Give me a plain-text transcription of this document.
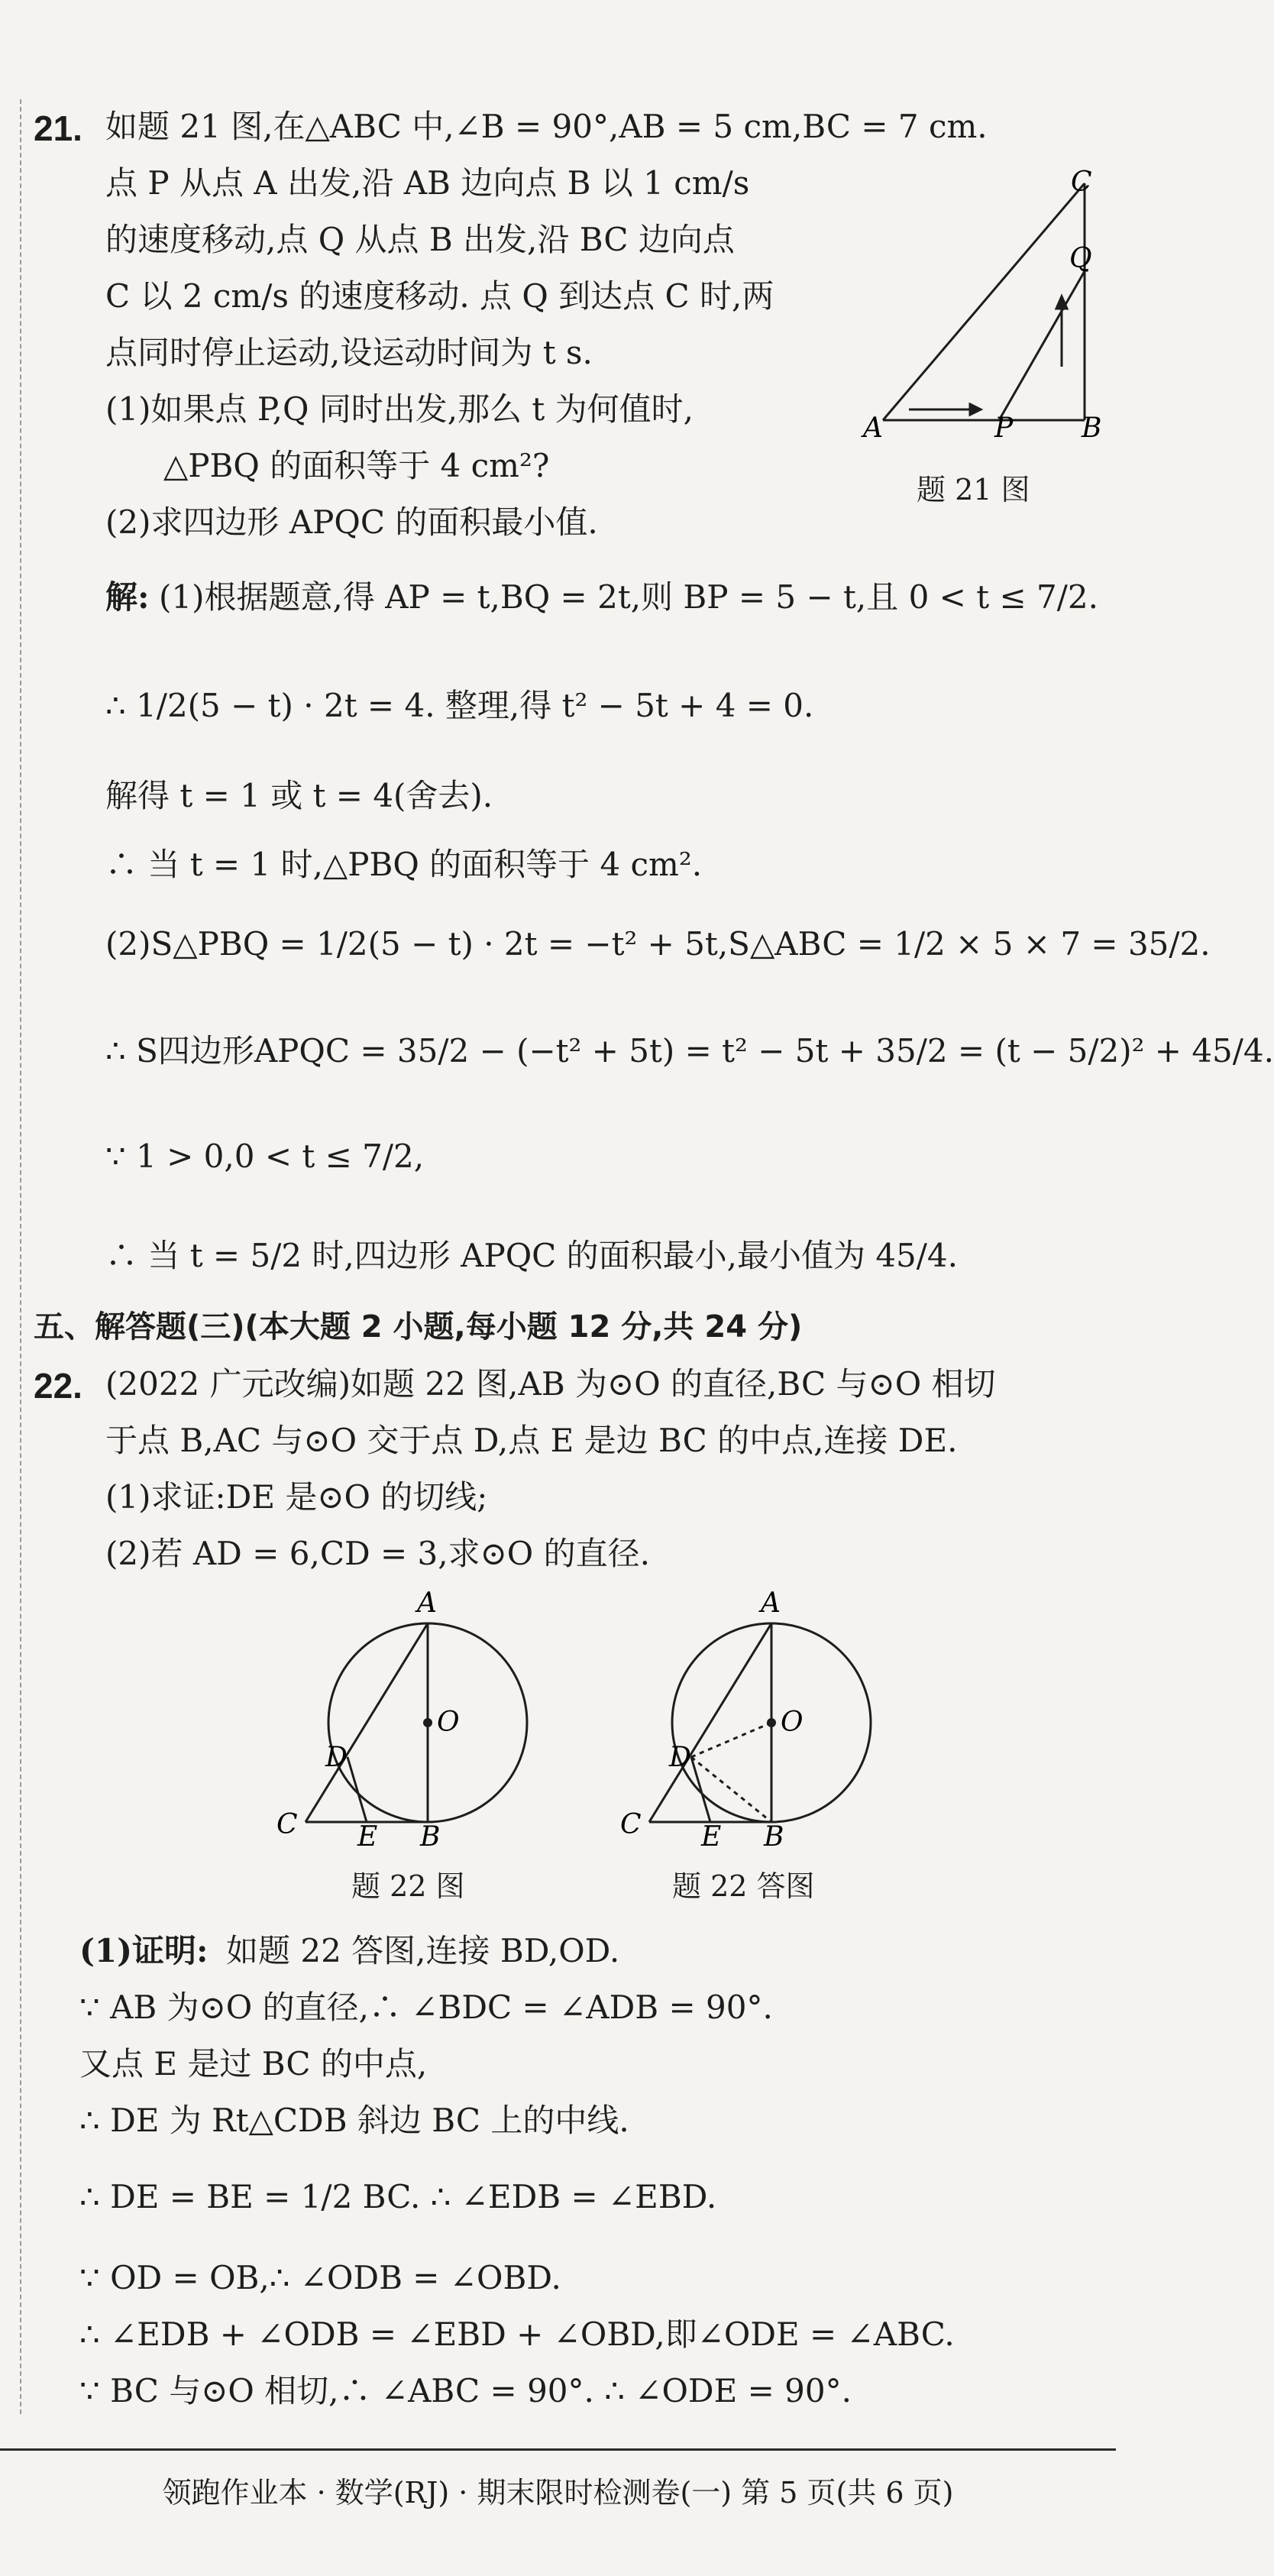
21. 如题 21 图,在△ABC 中,∠B = 90°,AB = 5 cm,BC = 7 cm.
点 P 从点 A 出发,沿 AB 边向点 B 以 1 cm/s
的速度移动,点 Q 从点 B 出发,沿 BC 边向点
C 以 2 cm/s 的速度移动. 点 Q 到达点 C 时,两
点同时停止运动,设运动时间为 t s.
(1)如果点 P,Q 同时出发,那么 t 为何值时,
△PBQ 的面积等于 4 cm²?
(2)求四边形 APQC 的面积最小值.
A	P B
C
Q
题 21 图
解: (1)根据题意,得 AP = t,BQ = 2t,则 BP = 5 − t,且 0 < t ≤ 7/2.
∴ 1/2(5 − t) · 2t = 4. 整理,得 t² − 5t + 4 = 0.
解得 t = 1 或 t = 4(舍去).
∴ 当 t = 1 时,△PBQ 的面积等于 4 cm².
(2)S△PBQ = 1/2(5 − t) · 2t = −t² + 5t,S△ABC = 1/2 × 5 × 7 = 35/2.
∴ S四边形APQC = 35/2 − (−t² + 5t) = t² − 5t + 35/2 = (t − 5/2)² + 45/4.
∵ 1 > 0,0 < t ≤ 7/2,
∴ 当 t = 5/2 时,四边形 APQC 的面积最小,最小值为 45/4.
五、解答题(三)(本大题 2 小题,每小题 12 分,共 24 分)
22. (2022 广元改编)如题 22 图,AB 为⊙O 的直径,BC 与⊙O 相切
于点 B,AC 与⊙O 交于点 D,点 E 是边 BC 的中点,连接 DE.
(1)求证:DE 是⊙O 的切线;
(2)若 AD = 6,CD = 3,求⊙O 的直径.
A
O
D
C E B
题 22 图
A
O
D
C E B
题 22 答图
(1)证明: 如题 22 答图,连接 BD,OD.
∵ AB 为⊙O 的直径,∴ ∠BDC = ∠ADB = 90°.
又点 E 是过 BC 的中点,
∴ DE 为 Rt△CDB 斜边 BC 上的中线.
∴ DE = BE = 1/2 BC. ∴ ∠EDB = ∠EBD.
∵ OD = OB,∴ ∠ODB = ∠OBD.
∴ ∠EDB + ∠ODB = ∠EBD + ∠OBD,即∠ODE = ∠ABC.
∵ BC 与⊙O 相切,∴ ∠ABC = 90°. ∴ ∠ODE = 90°.
领跑作业本 · 数学(RJ) · 期末限时检测卷(一) 第 5 页(共 6 页)
